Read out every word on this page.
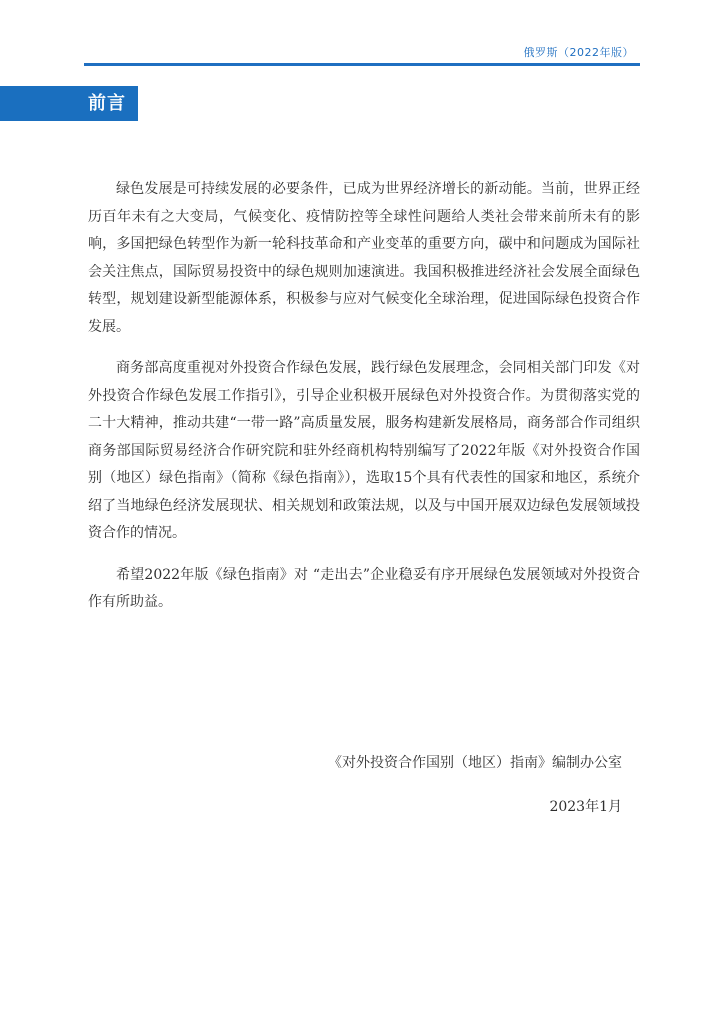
俄罗斯（2022年版）
前言

绿色发展是可持续发展的必要条件，已成为世界经济增长的新动能。当前，世界正经历百年未有之大变局，气候变化、疫情防控等全球性问题给人类社会带来前所未有的影响，多国把绿色转型作为新一轮科技革命和产业变革的重要方向，碳中和问题成为国际社会关注焦点，国际贸易投资中的绿色规则加速演进。我国积极推进经济社会发展全面绿色转型，规划建设新型能源体系，积极参与应对气候变化全球治理，促进国际绿色投资合作发展。

商务部高度重视对外投资合作绿色发展，践行绿色发展理念，会同相关部门印发《对外投资合作绿色发展工作指引》，引导企业积极开展绿色对外投资合作。为贯彻落实党的二十大精神，推动共建“一带一路”高质量发展，服务构建新发展格局，商务部合作司组织商务部国际贸易经济合作研究院和驻外经商机构特别编写了2022年版《对外投资合作国别（地区）绿色指南》（简称《绿色指南》），选取15个具有代表性的国家和地区，系统介绍了当地绿色经济发展现状、相关规划和政策法规，以及与中国开展双边绿色发展领域投资合作的情况。

希望2022年版《绿色指南》对 “走出去”企业稳妥有序开展绿色发展领域对外投资合作有所助益。

《对外投资合作国别（地区）指南》编制办公室
2023年1月
